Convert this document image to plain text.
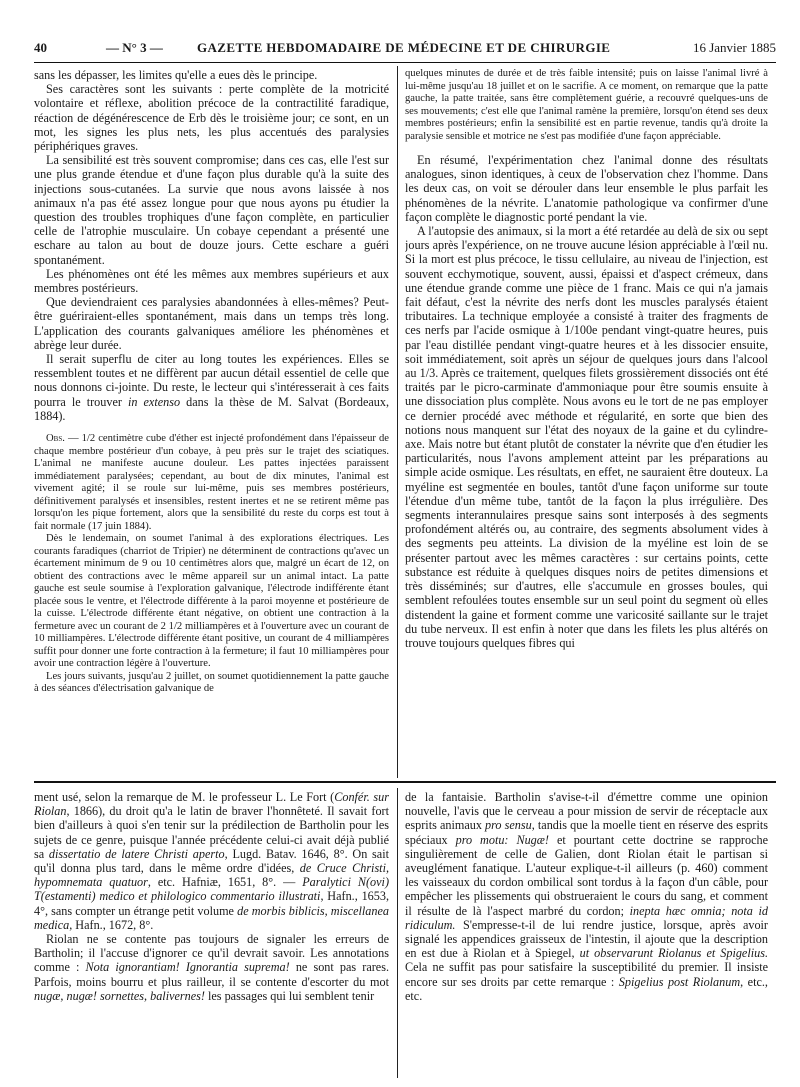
40	— N° 3 —	GAZETTE HEBDOMADAIRE DE MÉDECINE ET DE CHIRURGIE	16 Janvier 1885

sans les dépasser, les limites qu'elle a eues dès le principe.

Ses caractères sont les suivants : perte complète de la motricité volontaire et réflexe, abolition précoce de la contractilité faradique, réaction de dégénérescence de Erb dès le troisième jour; ce sont, en un mot, les signes les plus nets, les plus accentués des paralysies périphériques graves.

La sensibilité est très souvent compromise; dans ces cas, elle l'est sur une plus grande étendue et d'une façon plus durable qu'à la suite des injections sous-cutanées. La survie que nous avons laissée à nos animaux n'a pas été assez longue pour que nous ayons pu étudier la question des troubles trophiques d'une façon complète, en particulier celle de l'atrophie musculaire. Un cobaye cependant a présenté une eschare au talon au bout de douze jours. Cette eschare a guéri spontanément.

Les phénomènes ont été les mêmes aux membres supérieurs et aux membres postérieurs.

Que deviendraient ces paralysies abandonnées à elles-mêmes? Peut-être guériraient-elles spontanément, mais dans un temps très long. L'application des courants galvaniques améliore les phénomènes et abrège leur durée.

Il serait superflu de citer au long toutes les expériences. Elles se ressemblent toutes et ne diffèrent par aucun détail essentiel de celle que nous donnons ci-jointe. Du reste, le lecteur qui s'intéresserait à ces faits pourra le trouver in extenso dans la thèse de M. Salvat (Bordeaux, 1884).

Obs. — 1/2 centimètre cube d'éther est injecté profondément dans l'épaisseur de chaque membre postérieur d'un cobaye, à peu près sur le trajet des sciatiques. L'animal ne manifeste aucune douleur. Les pattes injectées paraissent immédiatement paralysées; cependant, au bout de dix minutes, l'animal est vivement agité; il se roule sur lui-même, puis ses membres postérieurs, définitivement paralysés et insensibles, restent inertes et ne se retirent même pas lorsqu'on les pique fortement, alors que la sensibilité du reste du corps est tout à fait normale (17 juin 1884).

Dès le lendemain, on soumet l'animal à des explorations électriques. Les courants faradiques (charriot de Tripier) ne déterminent de contractions qu'avec un écartement minimum de 9 ou 10 centimètres alors que, malgré un écart de 12, on obtient des contractions avec le même appareil sur un animal intact. La patte gauche est seule soumise à l'exploration galvanique, l'électrode indifférente étant placée sous le ventre, et l'électrode différente à la paroi moyenne et postérieure de la cuisse. L'électrode différente étant négative, on obtient une contraction à la fermeture avec un courant de 2 1/2 milliampères et à l'ouverture avec un courant de 10 milliampères. L'électrode différente étant positive, un courant de 4 milliampères suffit pour donner une forte contraction à la fermeture; il faut 10 milliampères pour avoir une contraction légère à l'ouverture.

Les jours suivants, jusqu'au 2 juillet, on soumet quotidiennement la patte gauche à des séances d'électrisation galvanique de

quelques minutes de durée et de très faible intensité; puis on laisse l'animal livré à lui-même jusqu'au 18 juillet et on le sacrifie. A ce moment, on remarque que la patte gauche, la patte traitée, sans être complètement guérie, a recouvré quelques-uns de ses mouvements; c'est elle que l'animal ramène la première, lorsqu'on étend ses deux membres postérieurs; enfin la sensibilité est en partie revenue, tandis qu'à droite la paralysie sensible et motrice ne s'est pas modifiée d'une façon appréciable.

En résumé, l'expérimentation chez l'animal donne des résultats analogues, sinon identiques, à ceux de l'observation chez l'homme. Dans les deux cas, on voit se dérouler dans leur ensemble le plus parfait les phénomènes de la névrite. L'anatomie pathologique va confirmer d'une façon complète le diagnostic porté pendant la vie.

A l'autopsie des animaux, si la mort a été retardée au delà de six ou sept jours après l'expérience, on ne trouve aucune lésion appréciable à l'œil nu. Si la mort est plus précoce, le tissu cellulaire, au niveau de l'injection, est souvent ecchymotique, souvent, aussi, épaissi et d'aspect crémeux, dans une étendue grande comme une pièce de 1 franc. Mais ce qui n'a jamais fait défaut, c'est la névrite des nerfs dont les muscles paralysés étaient tributaires. La technique employée a consisté à traiter des fragments de ces nerfs par l'acide osmique à 1/100e pendant vingt-quatre heures, puis par l'eau distillée pendant vingt-quatre heures et à les dissocier ensuite, soit immédiatement, soit après un séjour de quelques jours dans l'alcool au 1/3. Après ce traitement, quelques filets grossièrement dissociés ont été traités par le picro-carminate d'ammoniaque pour être soumis ensuite à une dissociation plus complète. Nous avons eu le tort de ne pas employer ce dernier procédé avec méthode et régularité, en sorte que bien des notions nous manquent sur l'état des noyaux de la gaine et du cylindre-axe. Mais notre but étant plutôt de constater la névrite que d'en étudier les particularités, nous l'avons amplement atteint par les préparations au simple acide osmique. Les résultats, en effet, ne sauraient être douteux. La myéline est segmentée en boules, tantôt d'une façon uniforme sur toute l'étendue d'un même tube, tantôt de la façon la plus irrégulière. Des segments interannulaires presque sains sont interposés à des segments profondément altérés ou, au contraire, des segments absolument vides à des segments peu atteints. La division de la myéline est loin de se présenter partout avec les mêmes caractères : sur certains points, cette substance est réduite à quelques disques noirs de petites dimensions et très disséminés; sur d'autres, elle s'accumule en grosses boules, qui semblent refoulées toutes ensemble sur un seul point du segment où elles distendent la gaine et forment comme une varicosité saillante sur le trajet du tube nerveux. Il est enfin à noter que dans les filets les plus altérés on trouve toujours quelques fibres qui

ment usé, selon la remarque de M. le professeur L. Le Fort (Confér. sur Riolan, 1866), du droit qu'a le latin de braver l'honnêteté. Il savait fort bien d'ailleurs à quoi s'en tenir sur la prédilection de Bartholin pour les sujets de ce genre, puisque l'année précédente celui-ci avait déjà publié sa dissertatio de latere Christi aperto, Lugd. Batav. 1646, 8°. On sait qu'il donna plus tard, dans le même ordre d'idées, de Cruce Christi, hypomnemata quatuor, etc. Hafniæ, 1651, 8°. — Paralytici N(ovi) T(estamenti) medico et philologico commentario illustrati, Hafn., 1653, 4°, sans compter un étrange petit volume de morbis biblicis, miscellanea medica, Hafn., 1672, 8°.

Riolan ne se contente pas toujours de signaler les erreurs de Bartholin; il l'accuse d'ignorer ce qu'il devrait savoir. Les annotations comme : Nota ignorantiam! Ignorantia suprema! ne sont pas rares. Parfois, moins bourru et plus railleur, il se contente d'escorter du mot nugæ, nugæ! sornettes, balivernes! les passages qui lui semblent tenir

de la fantaisie. Bartholin s'avise-t-il d'émettre comme une opinion nouvelle, l'avis que le cerveau a pour mission de servir de réceptacle aux esprits animaux pro sensu, tandis que la moelle tient en réserve des esprits spéciaux pro motu: Nugæ! et pourtant cette doctrine se rapproche singulièrement de celle de Galien, dont Riolan était le partisan si aveuglément fanatique. L'auteur explique-t-il ailleurs (p. 460) comment les vaisseaux du cordon ombilical sont tordus à la façon d'un câble, pour empêcher les plissements qui obstrueraient le cours du sang, et comment il résulte de là l'aspect marbré du cordon; inepta hæc omnia; nota id ridiculum. S'empresse-t-il de lui rendre justice, lorsque, après avoir signalé les appendices graisseux de l'intestin, il ajoute que la description en est due à Riolan et à Spiegel, ut observarunt Riolanus et Spigelius. Cela ne suffit pas pour satisfaire la susceptibilité du premier. Il insiste encore sur ses droits par cette remarque : Spigelius post Riolanum, etc., etc.
